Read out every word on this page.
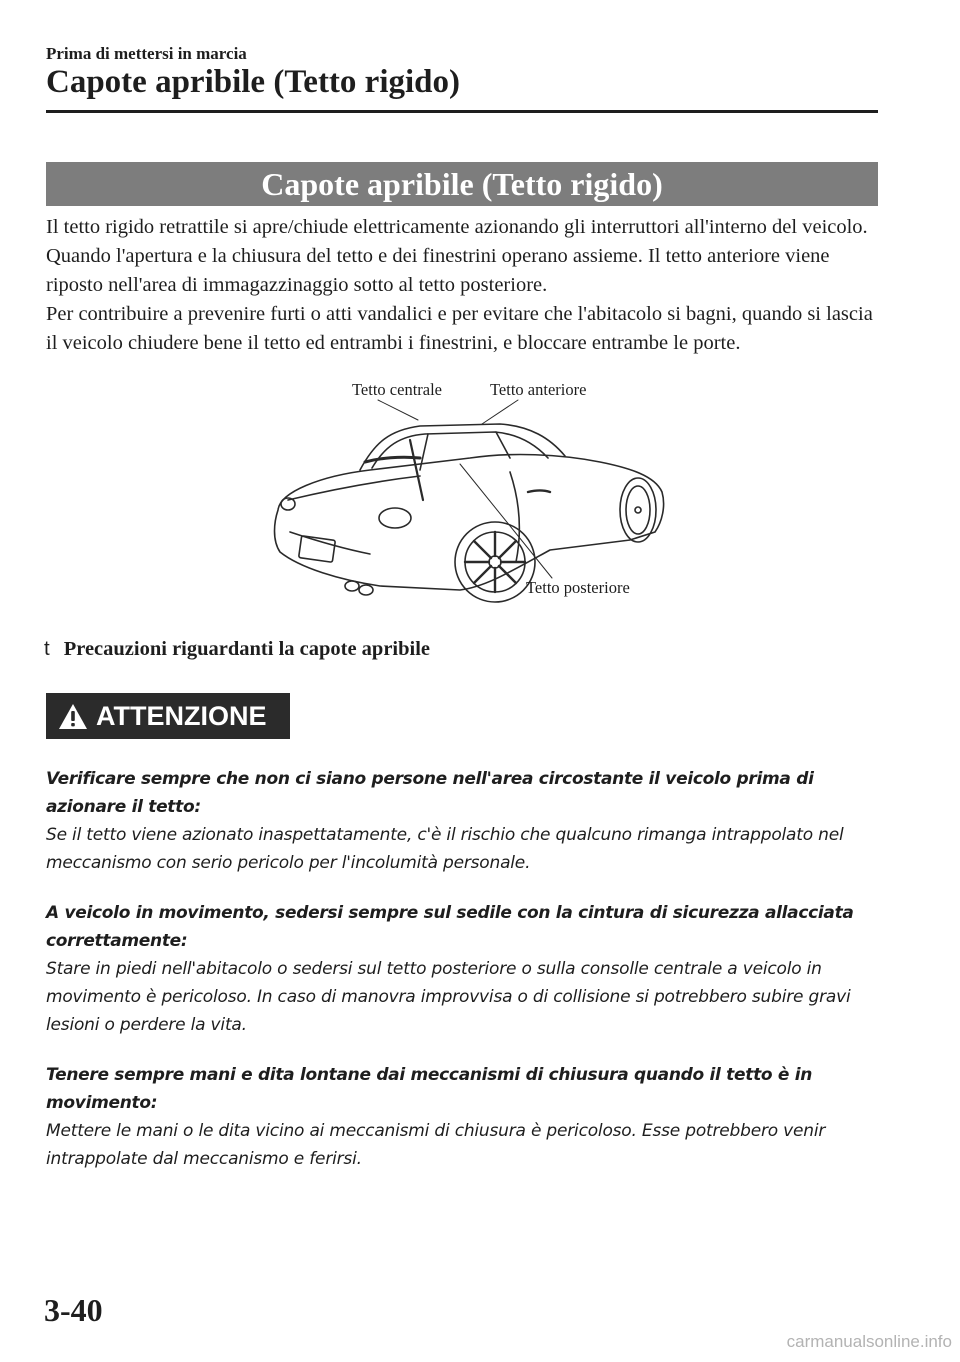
Prima di mettersi in marcia
Capote apribile (Tetto rigido)
Capote apribile (Tetto rigido)

Il tetto rigido retrattile si apre/chiude elettricamente azionando gli interruttori all'interno del veicolo. Quando l'apertura e la chiusura del tetto e dei finestrini operano assieme. Il tetto anteriore viene riposto nell'area di immagazzinaggio sotto al tetto posteriore.

Per contribuire a prevenire furti o atti vandalici e per evitare che l'abitacolo si bagni, quando si lascia il veicolo chiudere bene il tetto ed entrambi i finestrini, e bloccare entrambe le porte.

Tetto centrale	Tetto anteriore
Tetto posteriore
t Precauzioni riguardanti la capote apribile
ATTENZIONE

Verificare sempre che non ci siano persone nell'area circostante il veicolo prima di azionare il tetto:

Se il tetto viene azionato inaspettatamente, c'è il rischio che qualcuno rimanga intrappolato nel meccanismo con serio pericolo per l'incolumità personale.

A veicolo in movimento, sedersi sempre sul sedile con la cintura di sicurezza allacciata correttamente:

Stare in piedi nell'abitacolo o sedersi sul tetto posteriore o sulla consolle centrale a veicolo in movimento è pericoloso. In caso di manovra improvvisa o di collisione si potrebbero subire gravi lesioni o perdere la vita.

Tenere sempre mani e dita lontane dai meccanismi di chiusura quando il tetto è in movimento:

Mettere le mani o le dita vicino ai meccanismi di chiusura è pericoloso. Esse potrebbero venir intrappolate dal meccanismo e ferirsi.

3-40
carmanualsonline.info
